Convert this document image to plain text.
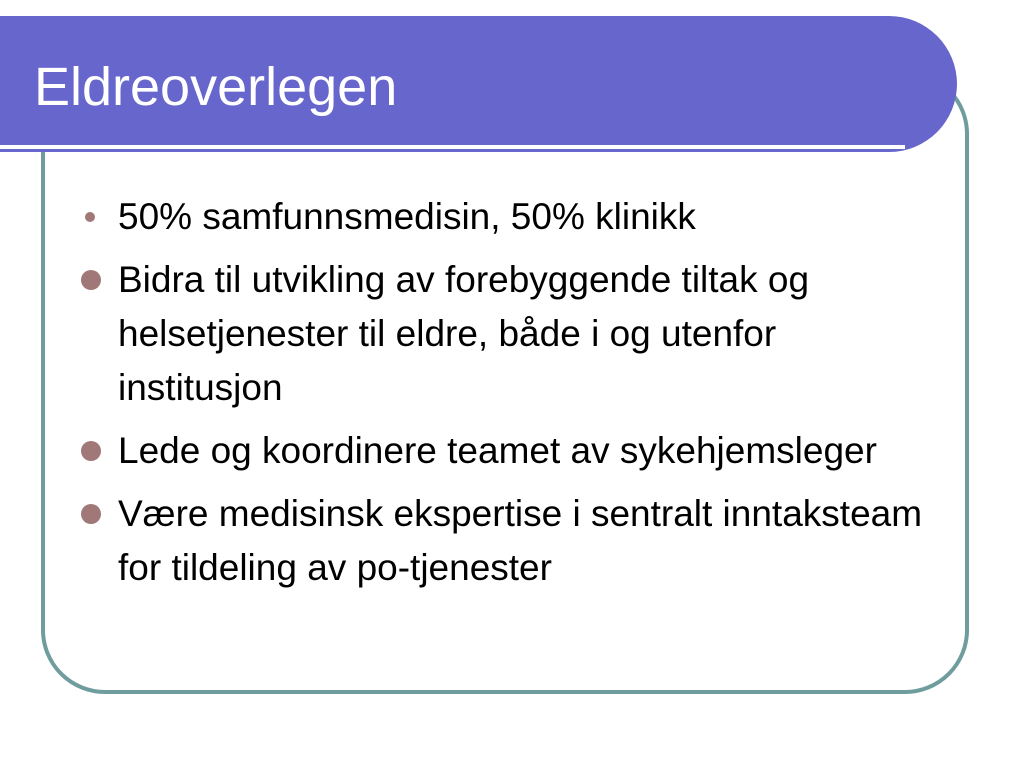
Eldreoverlegen
50% samfunnsmedisin, 50% klinikk
Bidra til utvikling av forebyggende tiltak og helsetjenester til eldre, både i og utenfor institusjon
Lede og koordinere teamet av sykehjemsleger
Være medisinsk ekspertise i sentralt inntaksteam for tildeling av po-tjenester
